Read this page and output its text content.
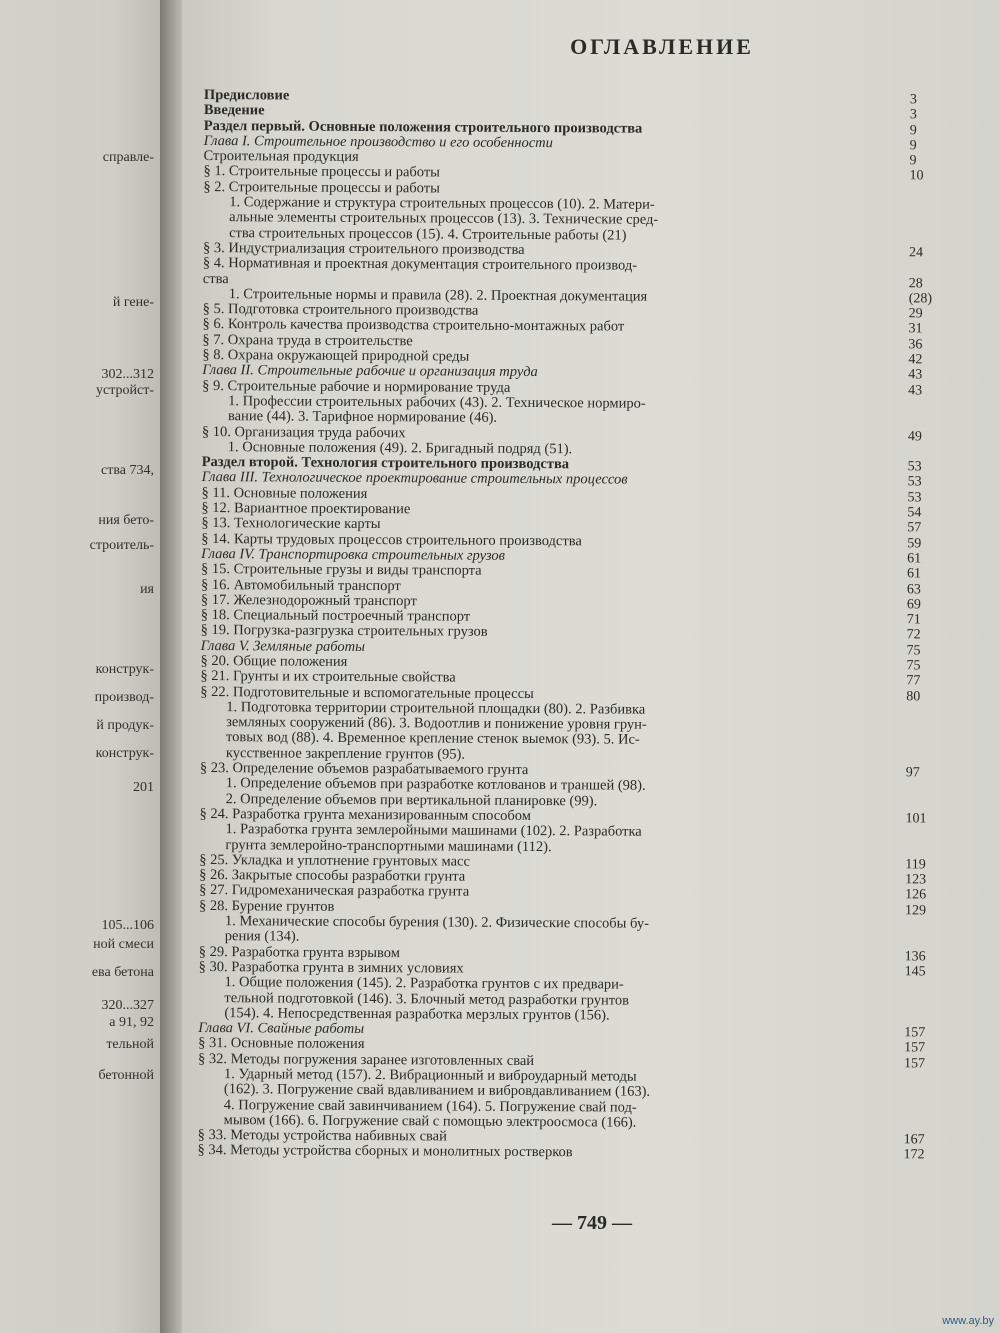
справле-
й гене-
302...312
устройст-
ства 734,
ния бето-
строитель-
ия
конструк-
производ-
й продук-
конструк-
201
105...106
ной смеси
ева бетона
320...327
а 91, 92
тельной
бетонной
ОГЛАВЛЕНИЕ
Предисловие	3
Введение	3
Раздел первый. Основные положения строительного производства	9
Глава I. Строительное производство и его особенности	9
Строительная продукция	9
§ 1. Строительные процессы и работы	10
§ 2. Строительные процессы и работы
1. Содержание и структура строительных процессов (10). 2. Матери-
альные элементы строительных процессов (13). 3. Технические сред-
ства строительных процессов (15). 4. Строительные работы (21)
§ 3. Индустриализация строительного производства	24
§ 4. Нормативная и проектная документация строительного производ-
ства	28
1. Строительные нормы и правила (28). 2. Проектная документация	(28)
§ 5. Подготовка строительного производства	29
§ 6. Контроль качества производства строительно-монтажных работ	31
§ 7. Охрана труда в строительстве	36
§ 8. Охрана окружающей природной среды	42
Глава II. Строительные рабочие и организация труда	43
§ 9. Строительные рабочие и нормирование труда	43
1. Профессии строительных рабочих (43). 2. Техническое нормиро-
вание (44). 3. Тарифное нормирование (46).
§ 10. Организация труда рабочих	49
1. Основные положения (49). 2. Бригадный подряд (51).
Раздел второй. Технология строительного производства	53
Глава III. Технологическое проектирование строительных процессов	53
§ 11. Основные положения	53
§ 12. Вариантное проектирование	54
§ 13. Технологические карты	57
§ 14. Карты трудовых процессов строительного производства	59
Глава IV. Транспортировка строительных грузов	61
§ 15. Строительные грузы и виды транспорта	61
§ 16. Автомобильный транспорт	63
§ 17. Железнодорожный транспорт	69
§ 18. Специальный построечный транспорт	71
§ 19. Погрузка-разгрузка строительных грузов	72
Глава V. Земляные работы	75
§ 20. Общие положения	75
§ 21. Грунты и их строительные свойства	77
§ 22. Подготовительные и вспомогательные процессы	80
1. Подготовка территории строительной площадки (80). 2. Разбивка
земляных сооружений (86). 3. Водоотлив и понижение уровня грун-
товых вод (88). 4. Временное крепление стенок выемок (93). 5. Ис-
кусственное закрепление грунтов (95).
§ 23. Определение объемов разрабатываемого грунта	97
1. Определение объемов при разработке котлованов и траншей (98).
2. Определение объемов при вертикальной планировке (99).
§ 24. Разработка грунта механизированным способом	101
1. Разработка грунта землеройными машинами (102). 2. Разработка
грунта землеройно-транспортными машинами (112).
§ 25. Укладка и уплотнение грунтовых масс	119
§ 26. Закрытые способы разработки грунта	123
§ 27. Гидромеханическая разработка грунта	126
§ 28. Бурение грунтов	129
1. Механические способы бурения (130). 2. Физические способы бу-
рения (134).
§ 29. Разработка грунта взрывом	136
§ 30. Разработка грунта в зимних условиях	145
1. Общие положения (145). 2. Разработка грунтов с их предвари-
тельной подготовкой (146). 3. Блочный метод разработки грунтов
(154). 4. Непосредственная разработка мерзлых грунтов (156).
Глава VI. Свайные работы	157
§ 31. Основные положения	157
§ 32. Методы погружения заранее изготовленных свай	157
1. Ударный метод (157). 2. Вибрационный и виброударный методы
(162). 3. Погружение свай вдавливанием и вибровдавливанием (163).
4. Погружение свай завинчиванием (164). 5. Погружение свай под-
мывом (166). 6. Погружение свай с помощью электроосмоса (166).
§ 33. Методы устройства набивных свай	167
§ 34. Методы устройства сборных и монолитных ростверков	172
— 749 —
www.ay.by
